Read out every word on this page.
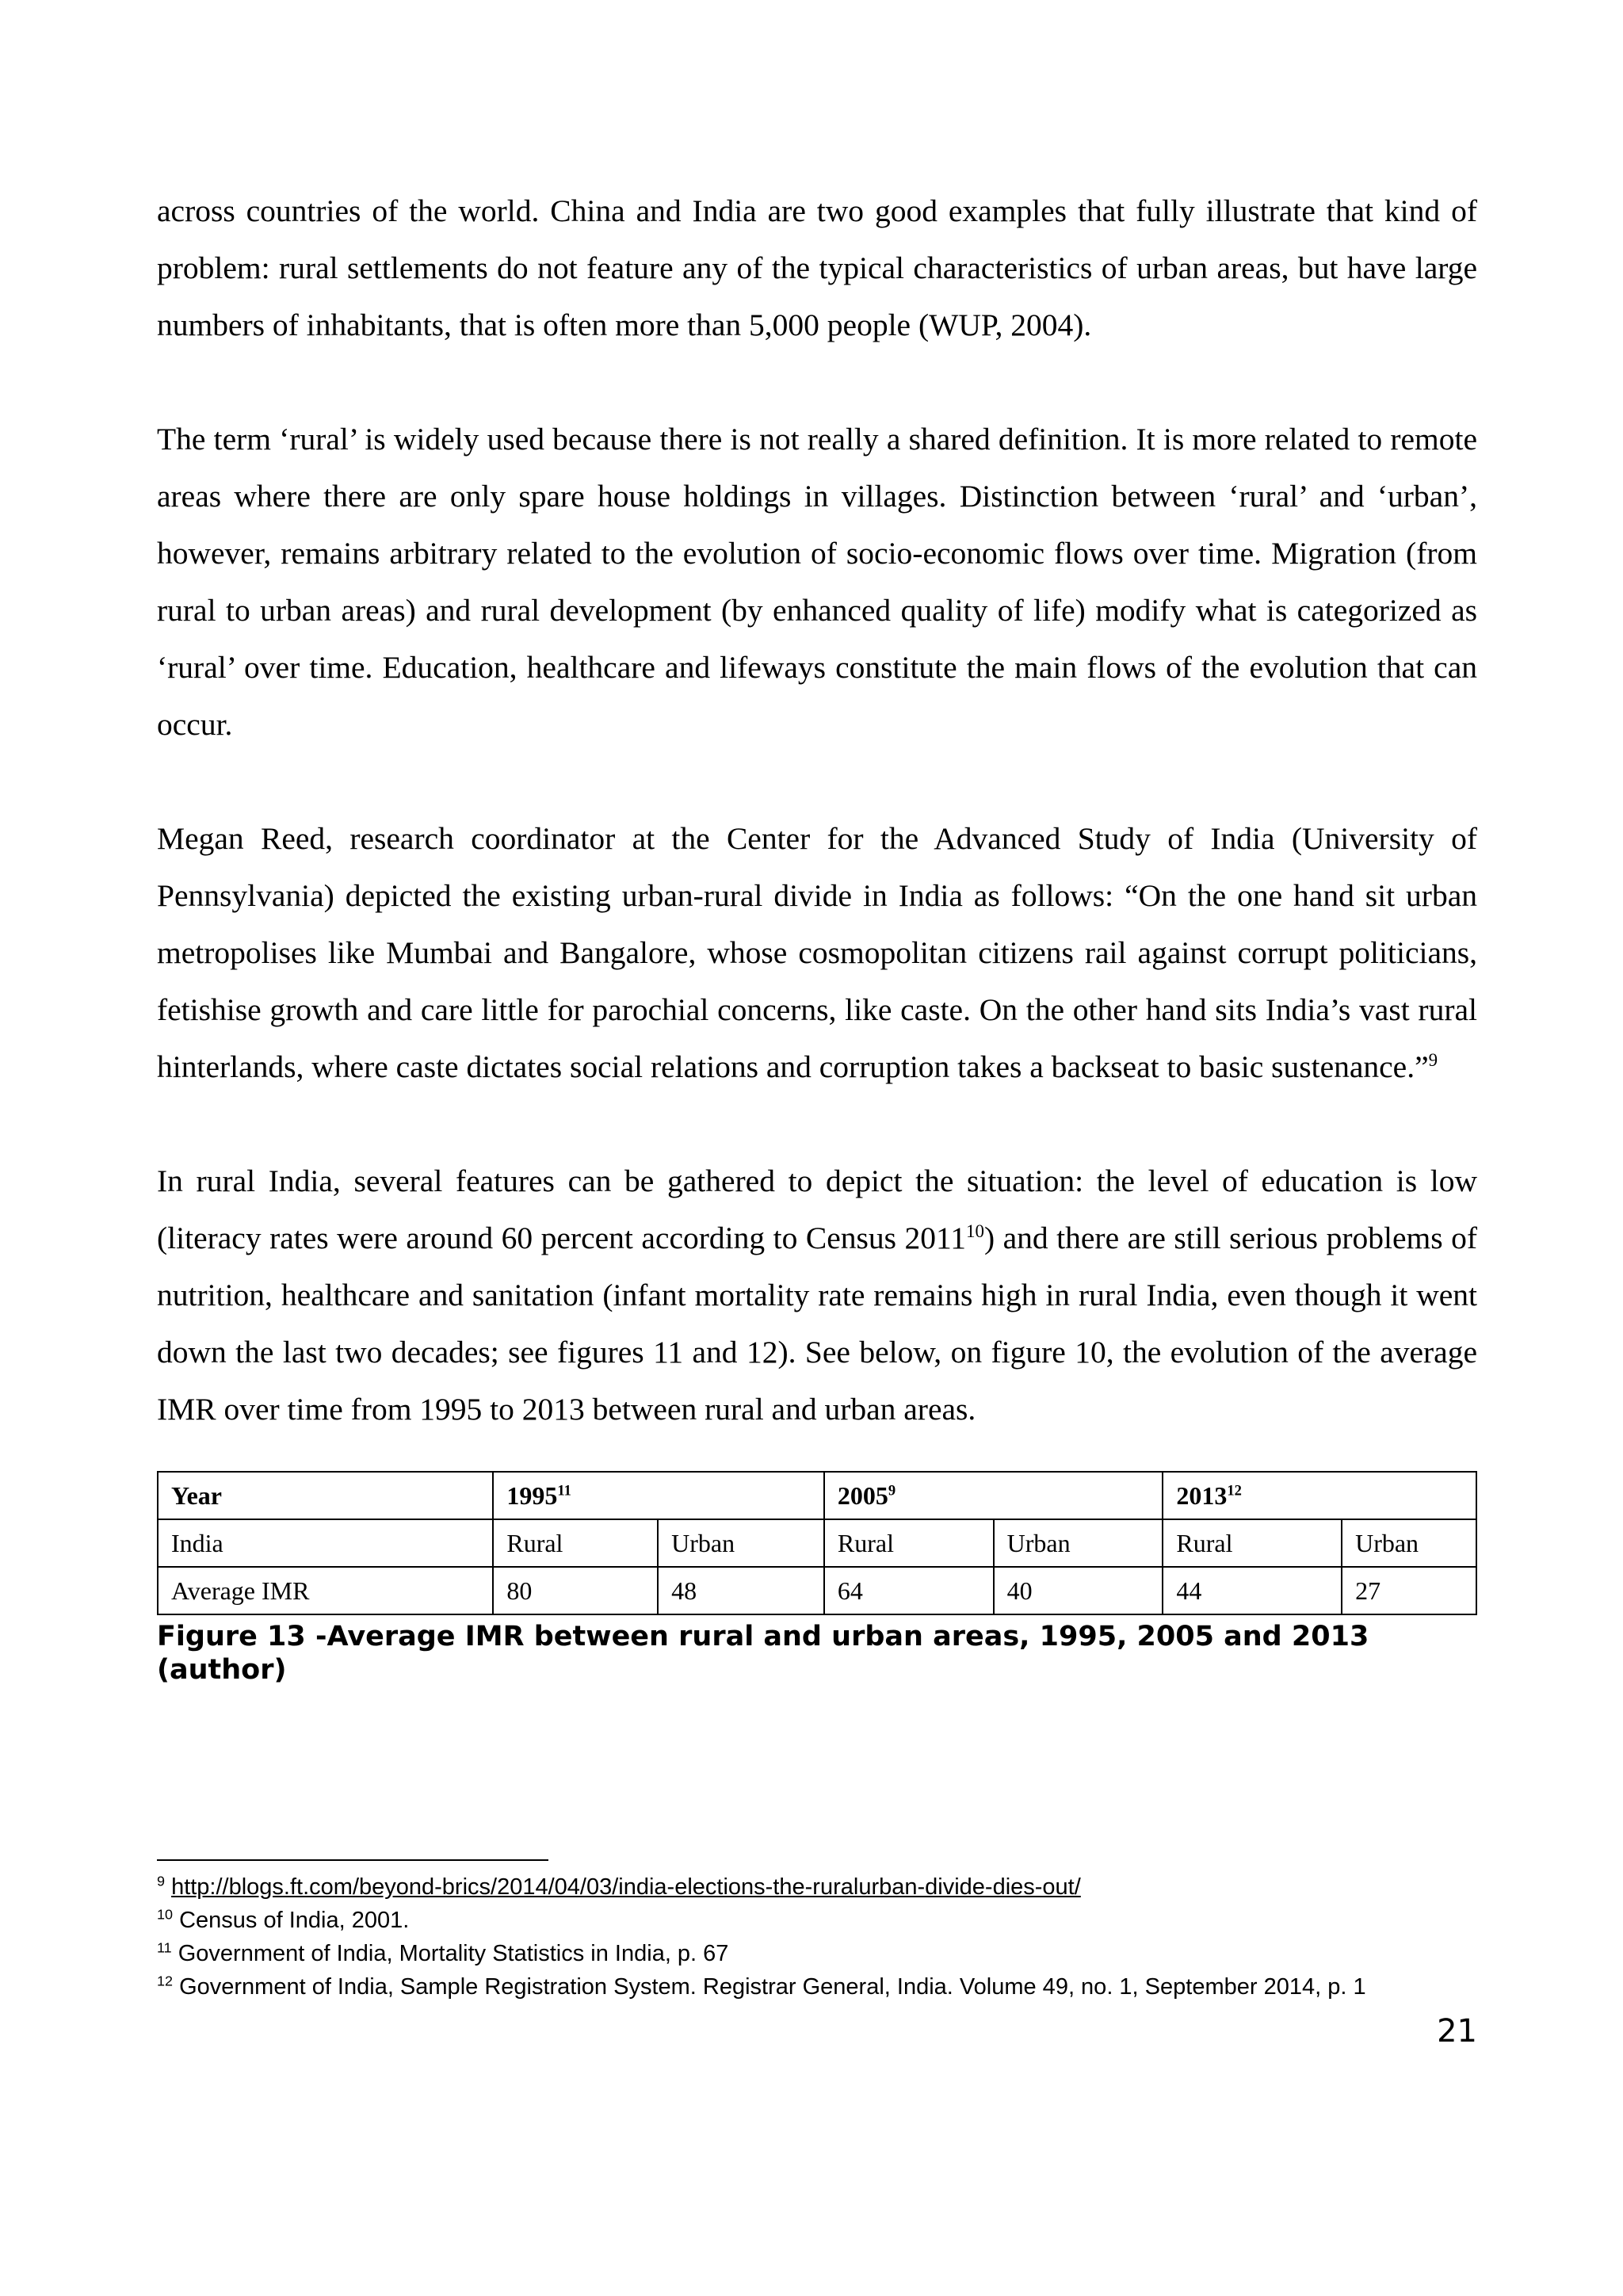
across countries of the world. China and India are two good examples that fully illustrate that kind of problem: rural settlements do not feature any of the typical characteristics of urban areas, but have large numbers of inhabitants, that is often more than 5,000 people (WUP, 2004).

The term ‘rural’ is widely used because there is not really a shared definition. It is more related to remote areas where there are only spare house holdings in villages. Distinction between ‘rural’ and ‘urban’, however, remains arbitrary related to the evolution of socio-economic flows over time. Migration (from rural to urban areas) and rural development (by enhanced quality of life) modify what is categorized as ‘rural’ over time. Education, healthcare and lifeways constitute the main flows of the evolution that can occur.

Megan Reed, research coordinator at the Center for the Advanced Study of India (University of Pennsylvania) depicted the existing urban-rural divide in India as follows: “On the one hand sit urban metropolises like Mumbai and Bangalore, whose cosmopolitan citizens rail against corrupt politicians, fetishise growth and care little for parochial concerns, like caste. On the other hand sits India’s vast rural hinterlands, where caste dictates social relations and corruption takes a backseat to basic sustenance.”$^9$

In rural India, several features can be gathered to depict the situation: the level of education is low (literacy rates were around 60 percent according to Census 2011$^{10}$) and there are still serious problems of nutrition, healthcare and sanitation (infant mortality rate remains high in rural India, even though it went down the last two decades; see figures 11 and 12). See below, on figure 10, the evolution of the average IMR over time from 1995 to 2013 between rural and urban areas.

Year	1995$^{11}$		2005$^9$		2013$^{12}$
India	Rural	Urban	Rural	Urban	Rural	Urban
Average IMR	80	48	64	40	44	27
Figure 13 -Average IMR between rural and urban areas, 1995, 2005 and 2013 (author)
$^9$ http://blogs.ft.com/beyond-brics/2014/04/03/india-elections-the-ruralurban-divide-dies-out/
$^{10}$ Census of India, 2001.
$^{11}$ Government of India, Mortality Statistics in India, p. 67
$^{12}$ Government of India, Sample Registration System. Registrar General, India. Volume 49, no. 1, September 2014, p. 1
21
